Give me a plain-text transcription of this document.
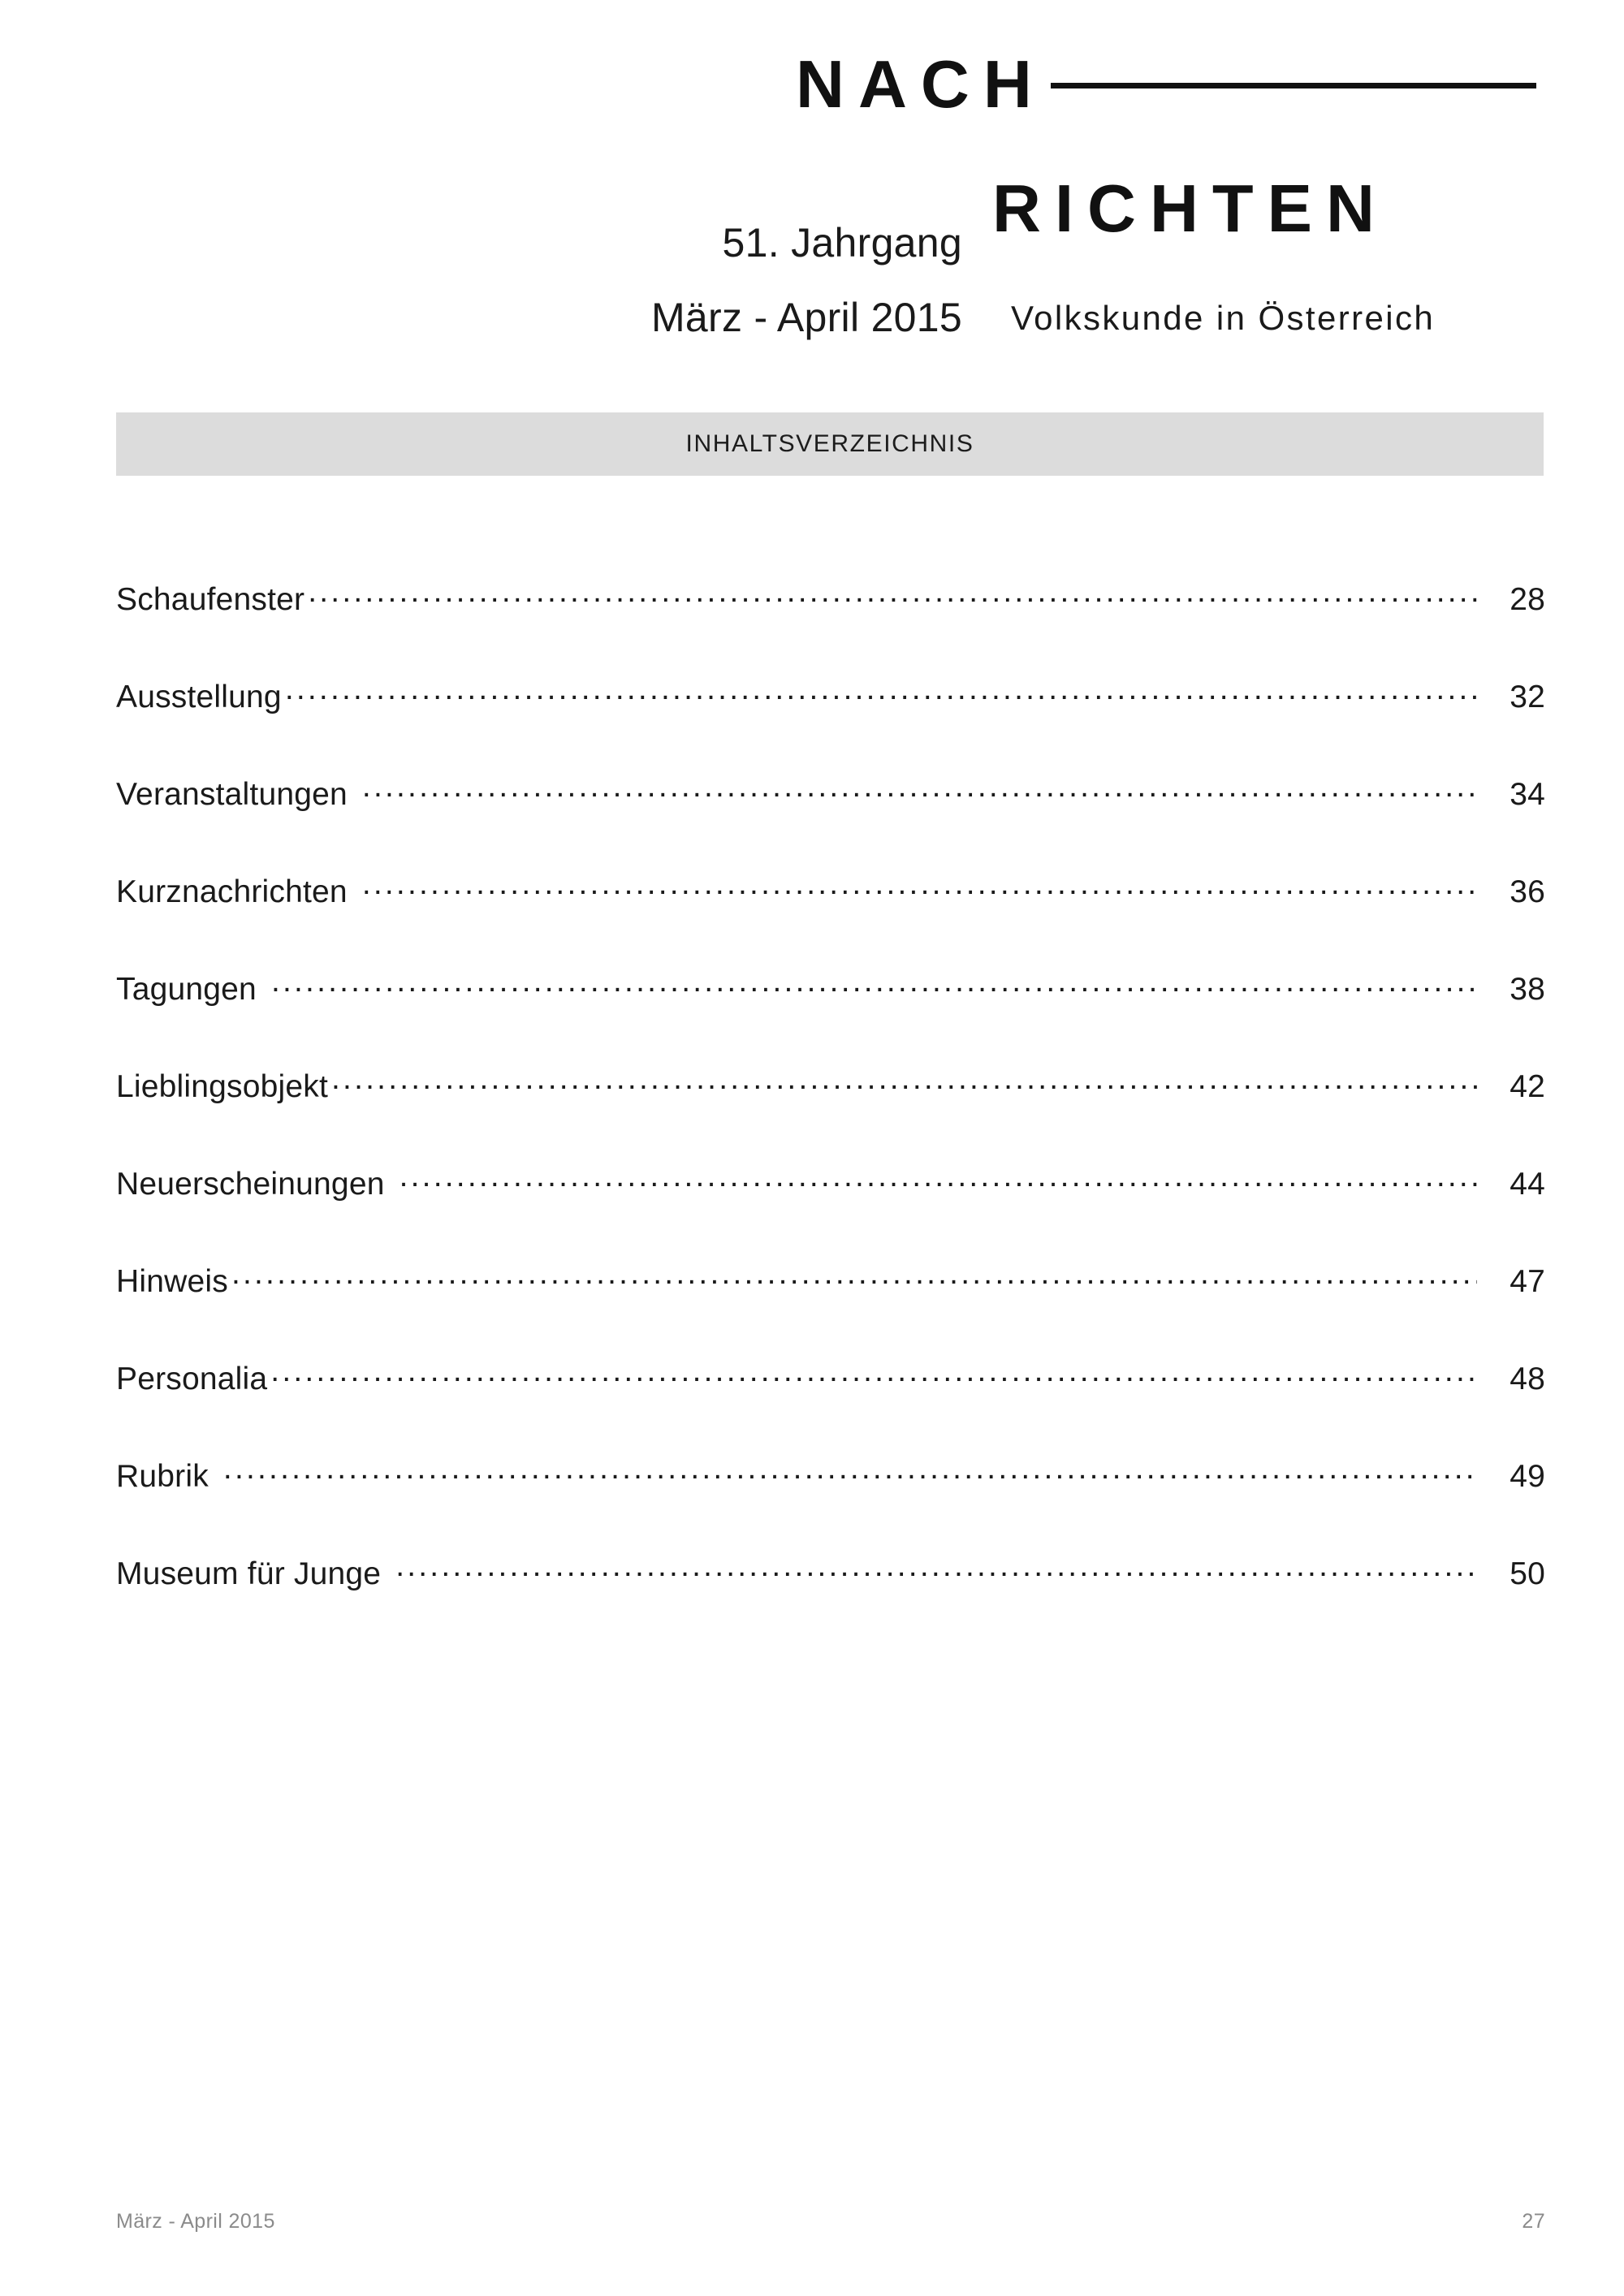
NACH
RICHTEN
51. Jahrgang
März - April 2015 Volkskunde in Österreich
INHALTSVERZEICHNIS
Schaufenster .....	28
Ausstellung .....	32
Veranstaltungen .....	34
Kurznachrichten .....	36
Tagungen .....	38
Lieblingsobjekt .....	42
Neuerscheinungen .....	44
Hinweis .....	47
Personalia .....	48
Rubrik .....	49
Museum für Junge .....	50
März - April 2015	27
